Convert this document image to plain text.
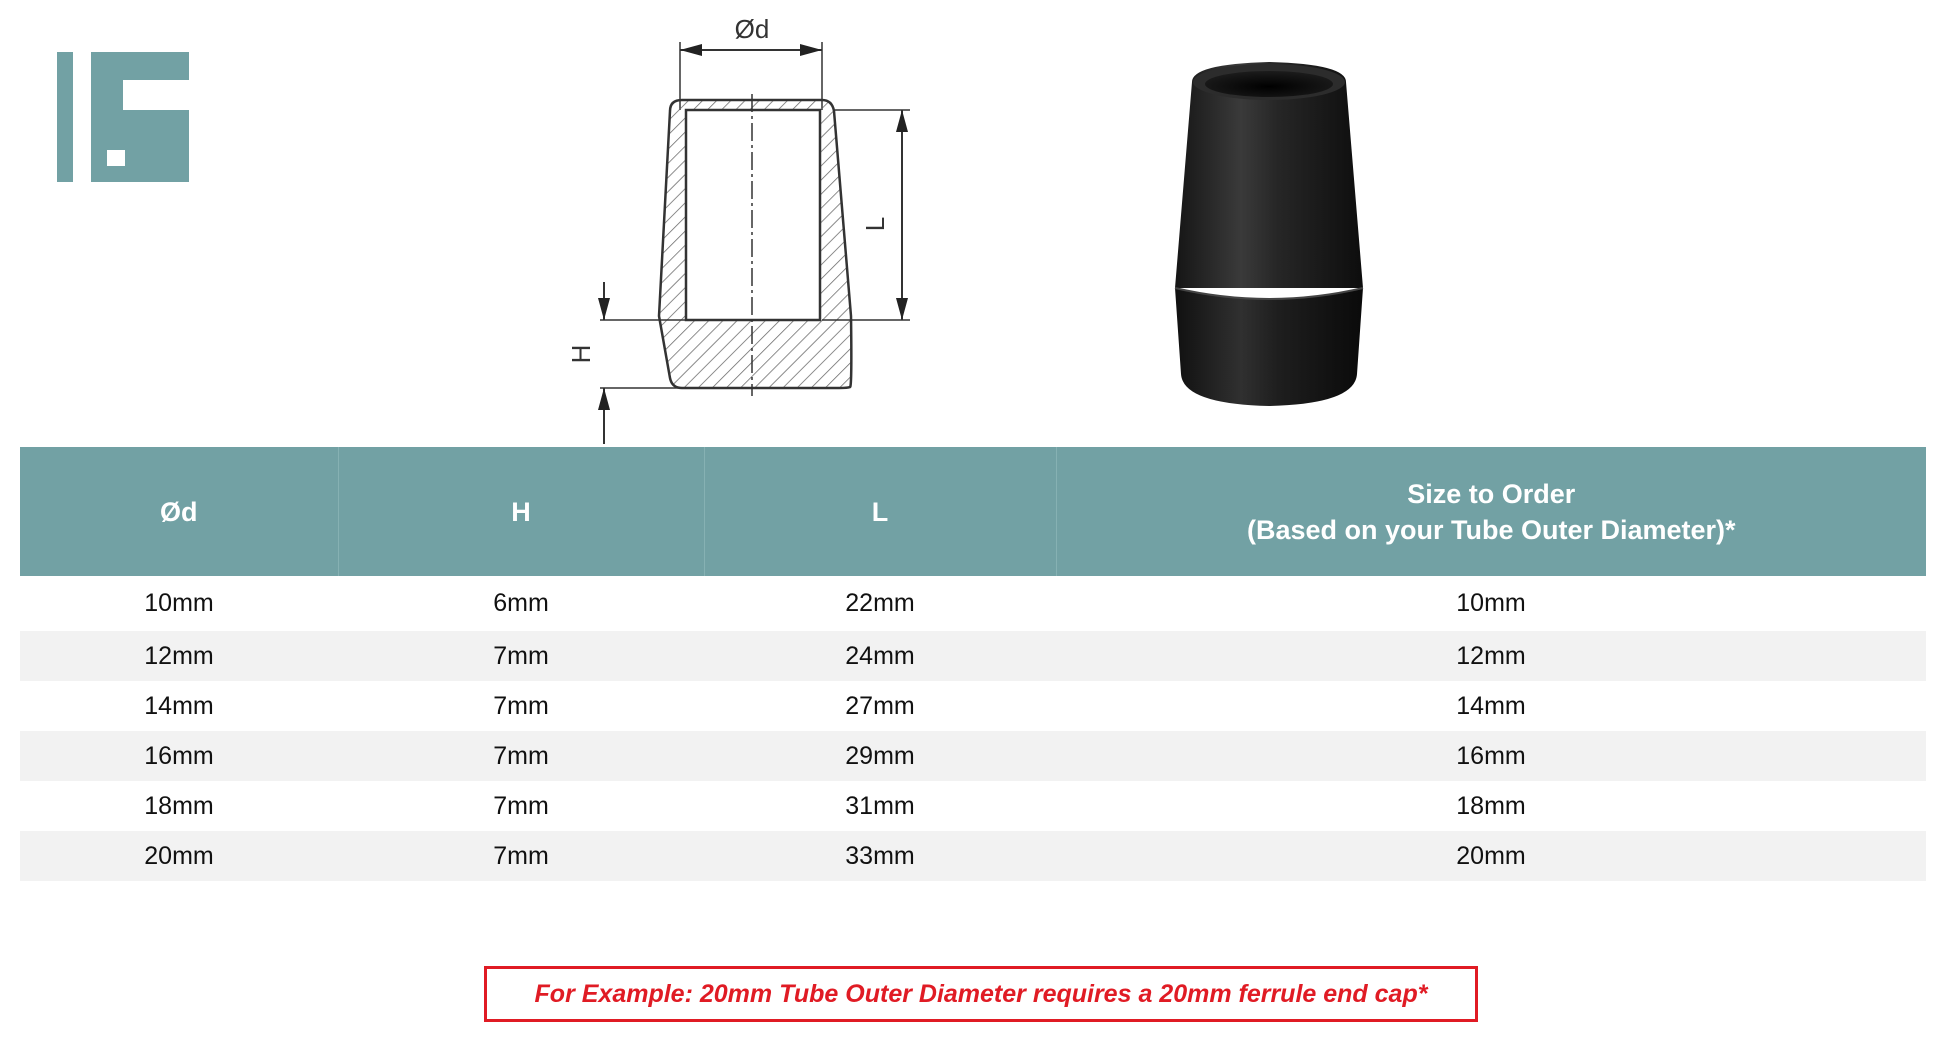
Ød
L
H
Ød	H	L	Size to Order
(Based on your Tube Outer Diameter)*

10mm	6mm	22mm	10mm
12mm	7mm	24mm	12mm
14mm	7mm	27mm	14mm
16mm	7mm	29mm	16mm
18mm	7mm	31mm	18mm
20mm	7mm	33mm	20mm
For Example: 20mm Tube Outer Diameter requires a 20mm ferrule end cap*
